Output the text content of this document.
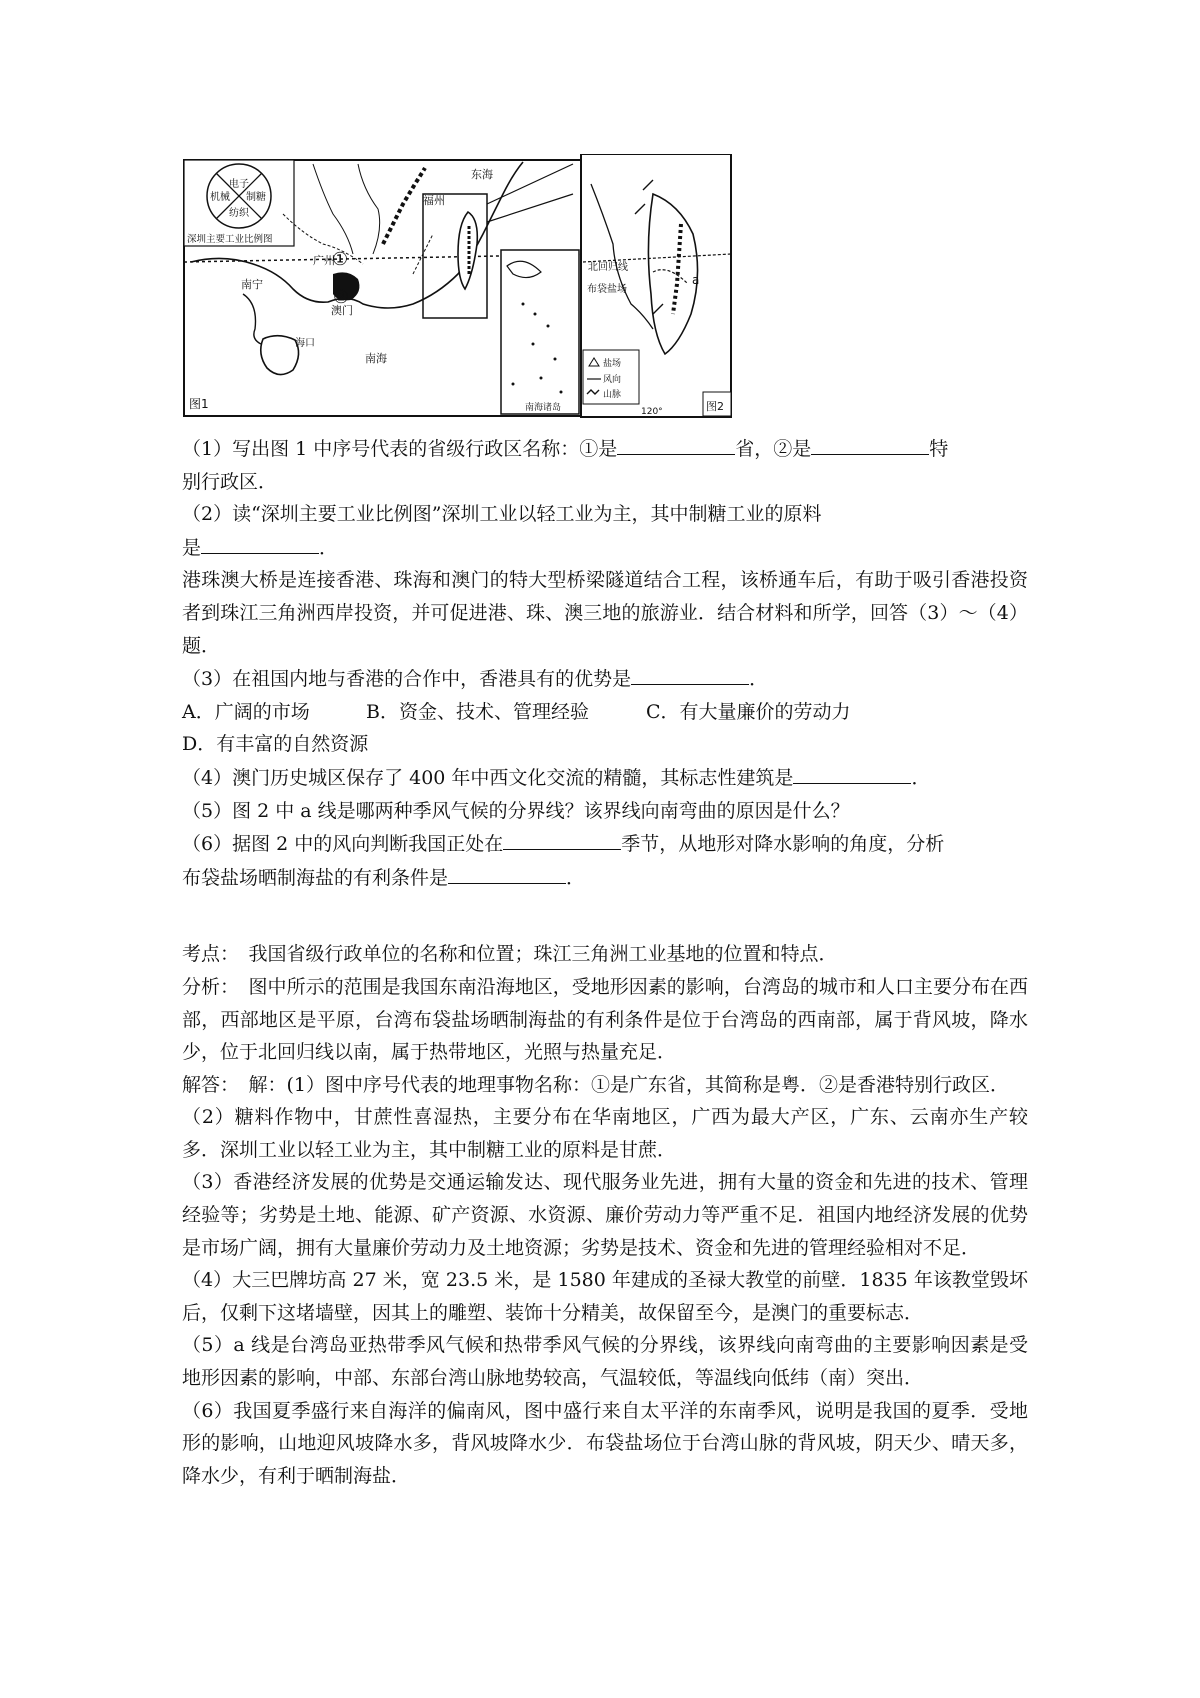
电子
机械 制糖
纺织
深圳主要工业比例图
广州
①
②
澳门
南宁
海口
福州
东海
南海
图1	南海诸岛
a
北回归线
布袋盐场
盐场
风向
山脉
120°	图2

（1）写出图 1 中序号代表的省级行政区名称：①是	省，②是	特

别行政区．

（2）读“深圳主要工业比例图”深圳工业以轻工业为主，其中制糖工业的原料

是	．

港珠澳大桥是连接香港、珠海和澳门的特大型桥梁隧道结合工程，该桥通车后，有助于吸引香港投资者到珠江三角洲西岸投资，并可促进港、珠、澳三地的旅游业．结合材料和所学，回答（3）～（4）题．

（3）在祖国内地与香港的合作中，香港具有的优势是	．

A．广阔的市场	B．资金、技术、管理经验	C．有大量廉价的劳动力D．有丰富的自然资源

（4）澳门历史城区保存了 400 年中西文化交流的精髓，其标志性建筑是	．

（5）图 2 中 a 线是哪两种季风气候的分界线？该界线向南弯曲的原因是什么？

（6）据图 2 中的风向判断我国正处在	季节，从地形对降水影响的角度，分析

布袋盐场晒制海盐的有利条件是	．

考点：　我国省级行政单位的名称和位置；珠江三角洲工业基地的位置和特点．

分析：　图中所示的范围是我国东南沿海地区，受地形因素的影响，台湾岛的城市和人口主要分布在西部，西部地区是平原，台湾布袋盐场晒制海盐的有利条件是位于台湾岛的西南部，属于背风坡，降水少，位于北回归线以南，属于热带地区，光照与热量充足．

解答：　解：(1）图中序号代表的地理事物名称：①是广东省，其简称是粤．②是香港特别行政区．

（2）糖料作物中，甘蔗性喜湿热，主要分布在华南地区，广西为最大产区，广东、云南亦生产较多．深圳工业以轻工业为主，其中制糖工业的原料是甘蔗．

（3）香港经济发展的优势是交通运输发达、现代服务业先进，拥有大量的资金和先进的技术、管理经验等；劣势是土地、能源、矿产资源、水资源、廉价劳动力等严重不足．祖国内地经济发展的优势是市场广阔，拥有大量廉价劳动力及土地资源；劣势是技术、资金和先进的管理经验相对不足．

（4）大三巴牌坊高 27 米，宽 23.5 米，是 1580 年建成的圣禄大教堂的前壁．1835 年该教堂毁坏后，仅剩下这堵墙壁，因其上的雕塑、装饰十分精美，故保留至今，是澳门的重要标志．

（5）a 线是台湾岛亚热带季风气候和热带季风气候的分界线，该界线向南弯曲的主要影响因素是受地形因素的影响，中部、东部台湾山脉地势较高，气温较低，等温线向低纬（南）突出．

（6）我国夏季盛行来自海洋的偏南风，图中盛行来自太平洋的东南季风，说明是我国的夏季．受地形的影响，山地迎风坡降水多，背风坡降水少．布袋盐场位于台湾山脉的背风坡，阴天少、晴天多，降水少，有利于晒制海盐．
